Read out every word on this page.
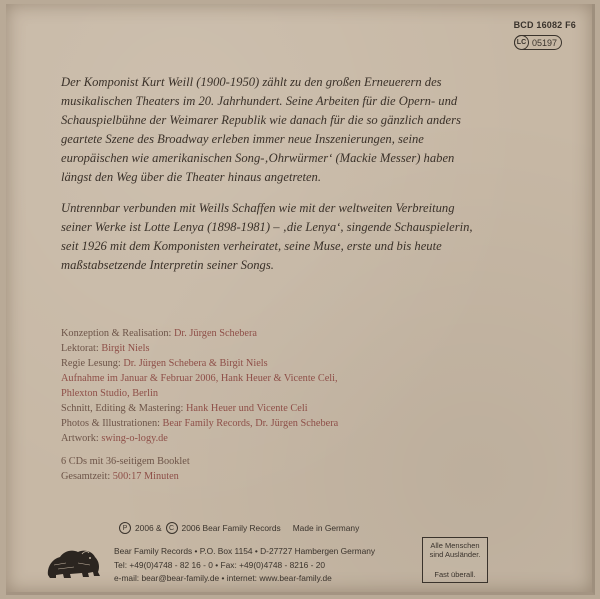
BCD 16082 F6
LC 05197

Der Komponist Kurt Weill (1900-1950) zählt zu den großen Erneuerern des
musikalischen Theaters im 20. Jahrhundert. Seine Arbeiten für die Opern- und
Schauspielbühne der Weimarer Republik wie danach für die so gänzlich anders
geartete Szene des Broadway erleben immer neue Inszenierungen, seine
europäischen wie amerikanischen Song-‚Ohrwürmer‘ (Mackie Messer) haben
längst den Weg über die Theater hinaus angetreten.

Untrennbar verbunden mit Weills Schaffen wie mit der weltweiten Verbreitung
seiner Werke ist Lotte Lenya (1898-1981) – ‚die Lenya‘, singende Schauspielerin,
seit 1926 mit dem Komponisten verheiratet, seine Muse, erste und bis heute
maßstabsetzende Interpretin seiner Songs.

Konzeption & Realisation: Dr. Jürgen Schebera
Lektorat: Birgit Niels
Regie Lesung: Dr. Jürgen Schebera & Birgit Niels
Aufnahme im Januar & Februar 2006, Hank Heuer & Vicente Celi,
Phlexton Studio, Berlin
Schnitt, Editing & Mastering: Hank Heuer und Vicente Celi
Photos & Illustrationen: Bear Family Records, Dr. Jürgen Schebera
Artwork: swing-o-logy.de
6 CDs mit 36-seitigem Booklet
Gesamtzeit: 500:17 Minuten
P 2006 &	C 2006 Bear Family Records Made in Germany
Bear Family Records • P.O. Box 1154 • D-27727 Hambergen Germany
Tel: +49(0)4748 - 82 16 - 0 • Fax: +49(0)4748 - 8216 - 20
e-mail: bear@bear-family.de • internet: www.bear-family.de
Alle Menschen
sind Ausländer.
Fast überall.
